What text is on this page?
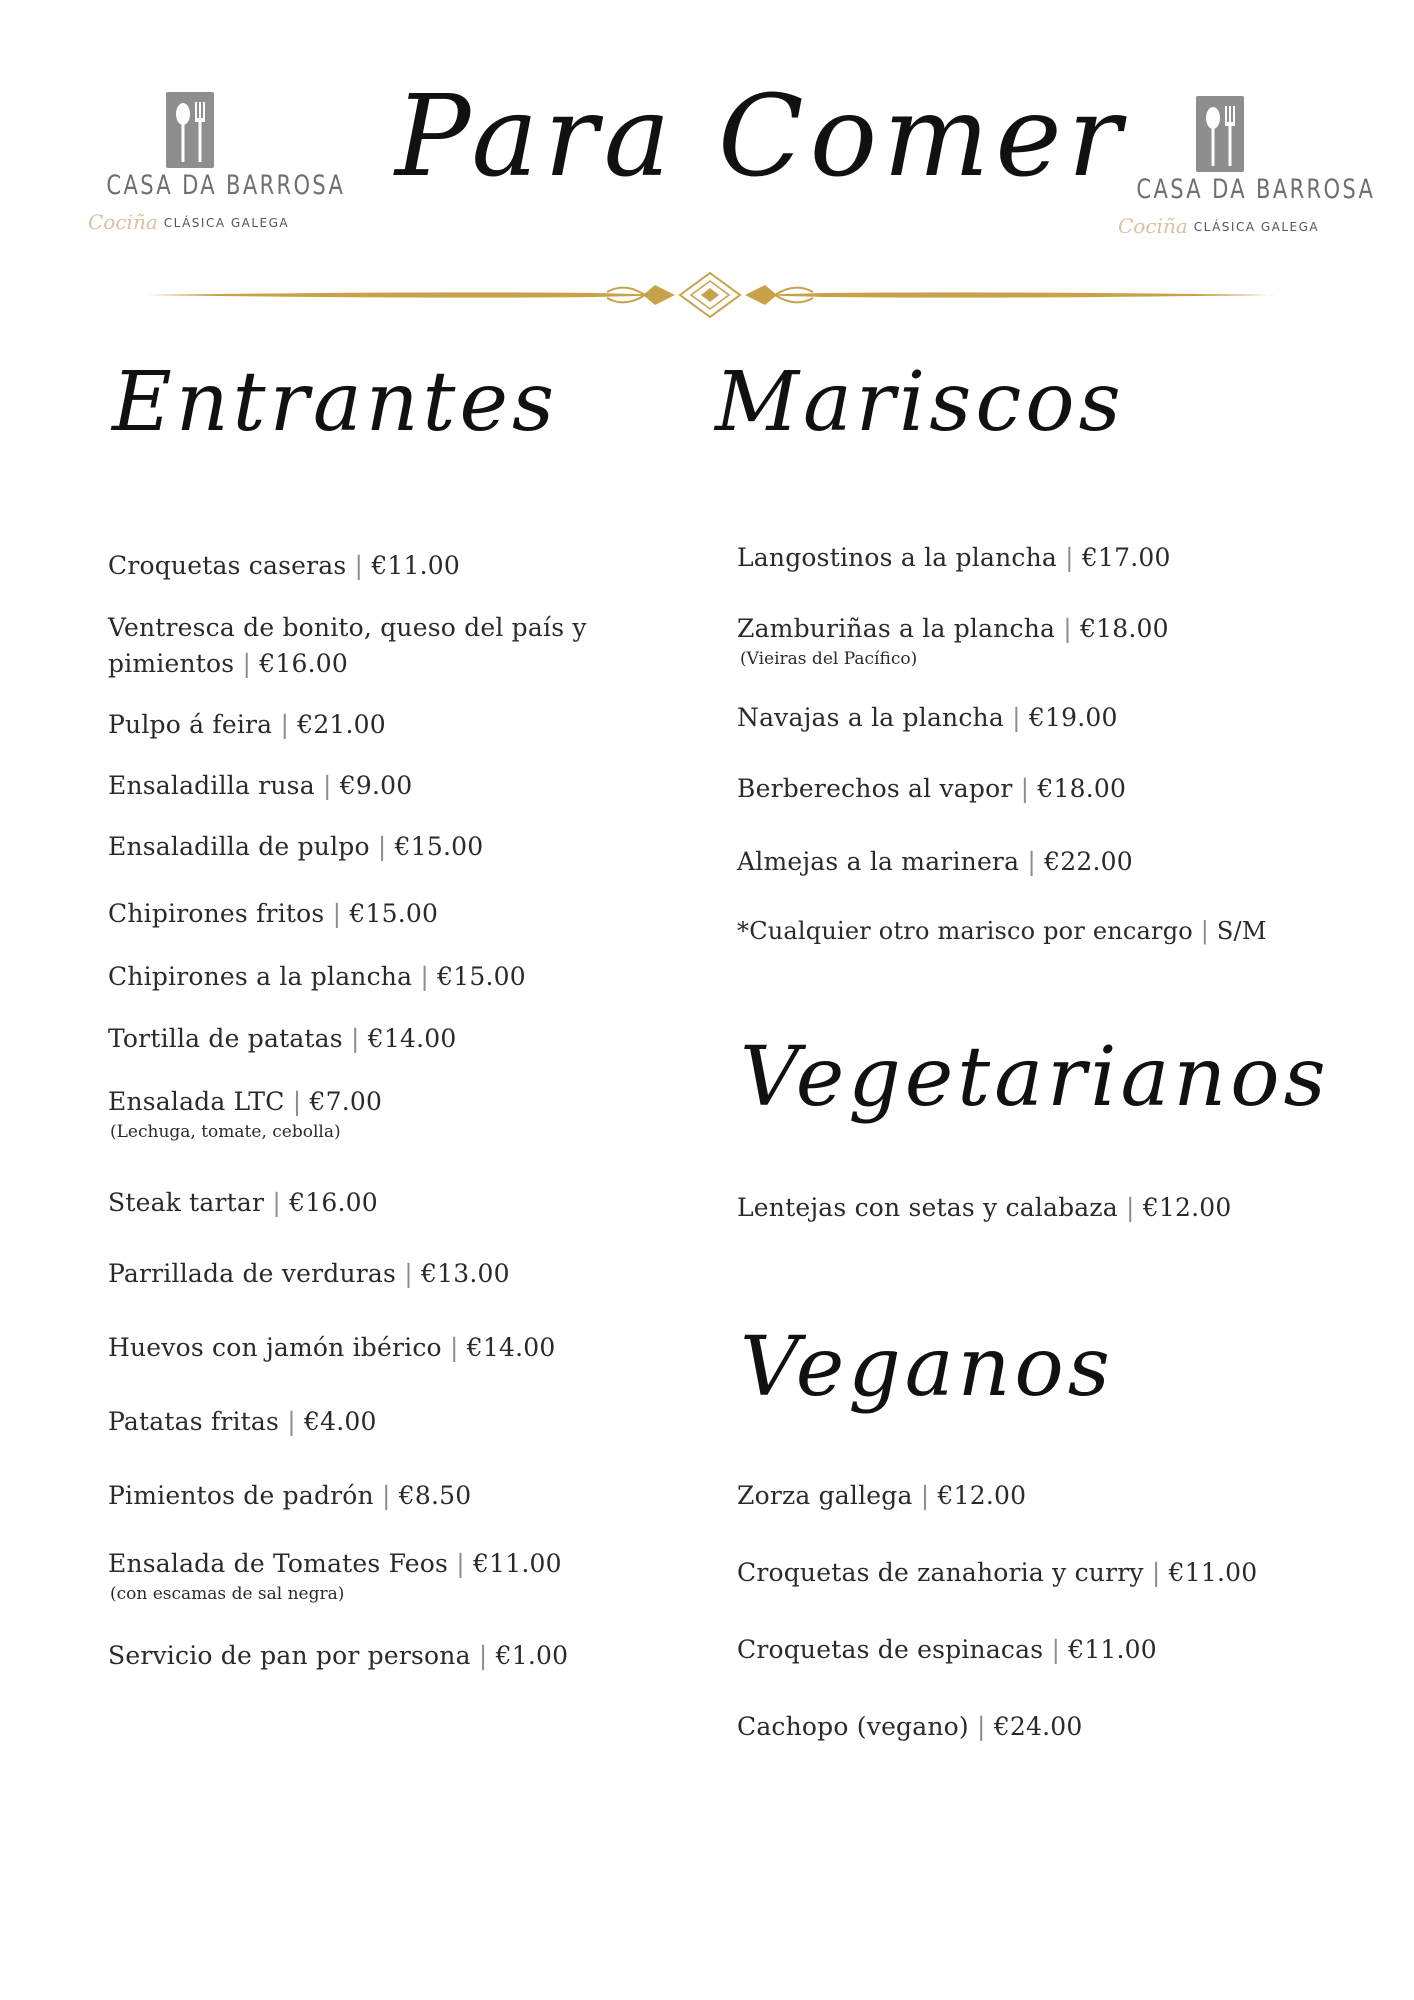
CASA DA BARROSA
Cociña CLÁSICA GALEGA
CASA DA BARROSA
Cociña CLÁSICA GALEGA
Para Comer
Entrantes Mariscos
Vegetarianos
Veganos
Croquetas caseras | €11.00
Ventresca de bonito, queso del país y
pimientos | €16.00
Pulpo á feira | €21.00
Ensaladilla rusa | €9.00
Ensaladilla de pulpo | €15.00
Chipirones fritos | €15.00
Chipirones a la plancha | €15.00
Tortilla de patatas | €14.00
Ensalada LTC | €7.00
(Lechuga, tomate, cebolla)
Steak tartar | €16.00
Parrillada de verduras | €13.00
Huevos con jamón ibérico | €14.00
Patatas fritas | €4.00
Pimientos de padrón | €8.50
Ensalada de Tomates Feos | €11.00
(con escamas de sal negra)
Servicio de pan por persona | €1.00
Langostinos a la plancha | €17.00
Zamburiñas a la plancha | €18.00
(Vieiras del Pacífico)
Navajas a la plancha | €19.00
Berberechos al vapor | €18.00
Almejas a la marinera | €22.00
*Cualquier otro marisco por encargo | S/M
Lentejas con setas y calabaza | €12.00
Zorza gallega | €12.00
Croquetas de zanahoria y curry | €11.00
Croquetas de espinacas | €11.00
Cachopo (vegano) | €24.00
